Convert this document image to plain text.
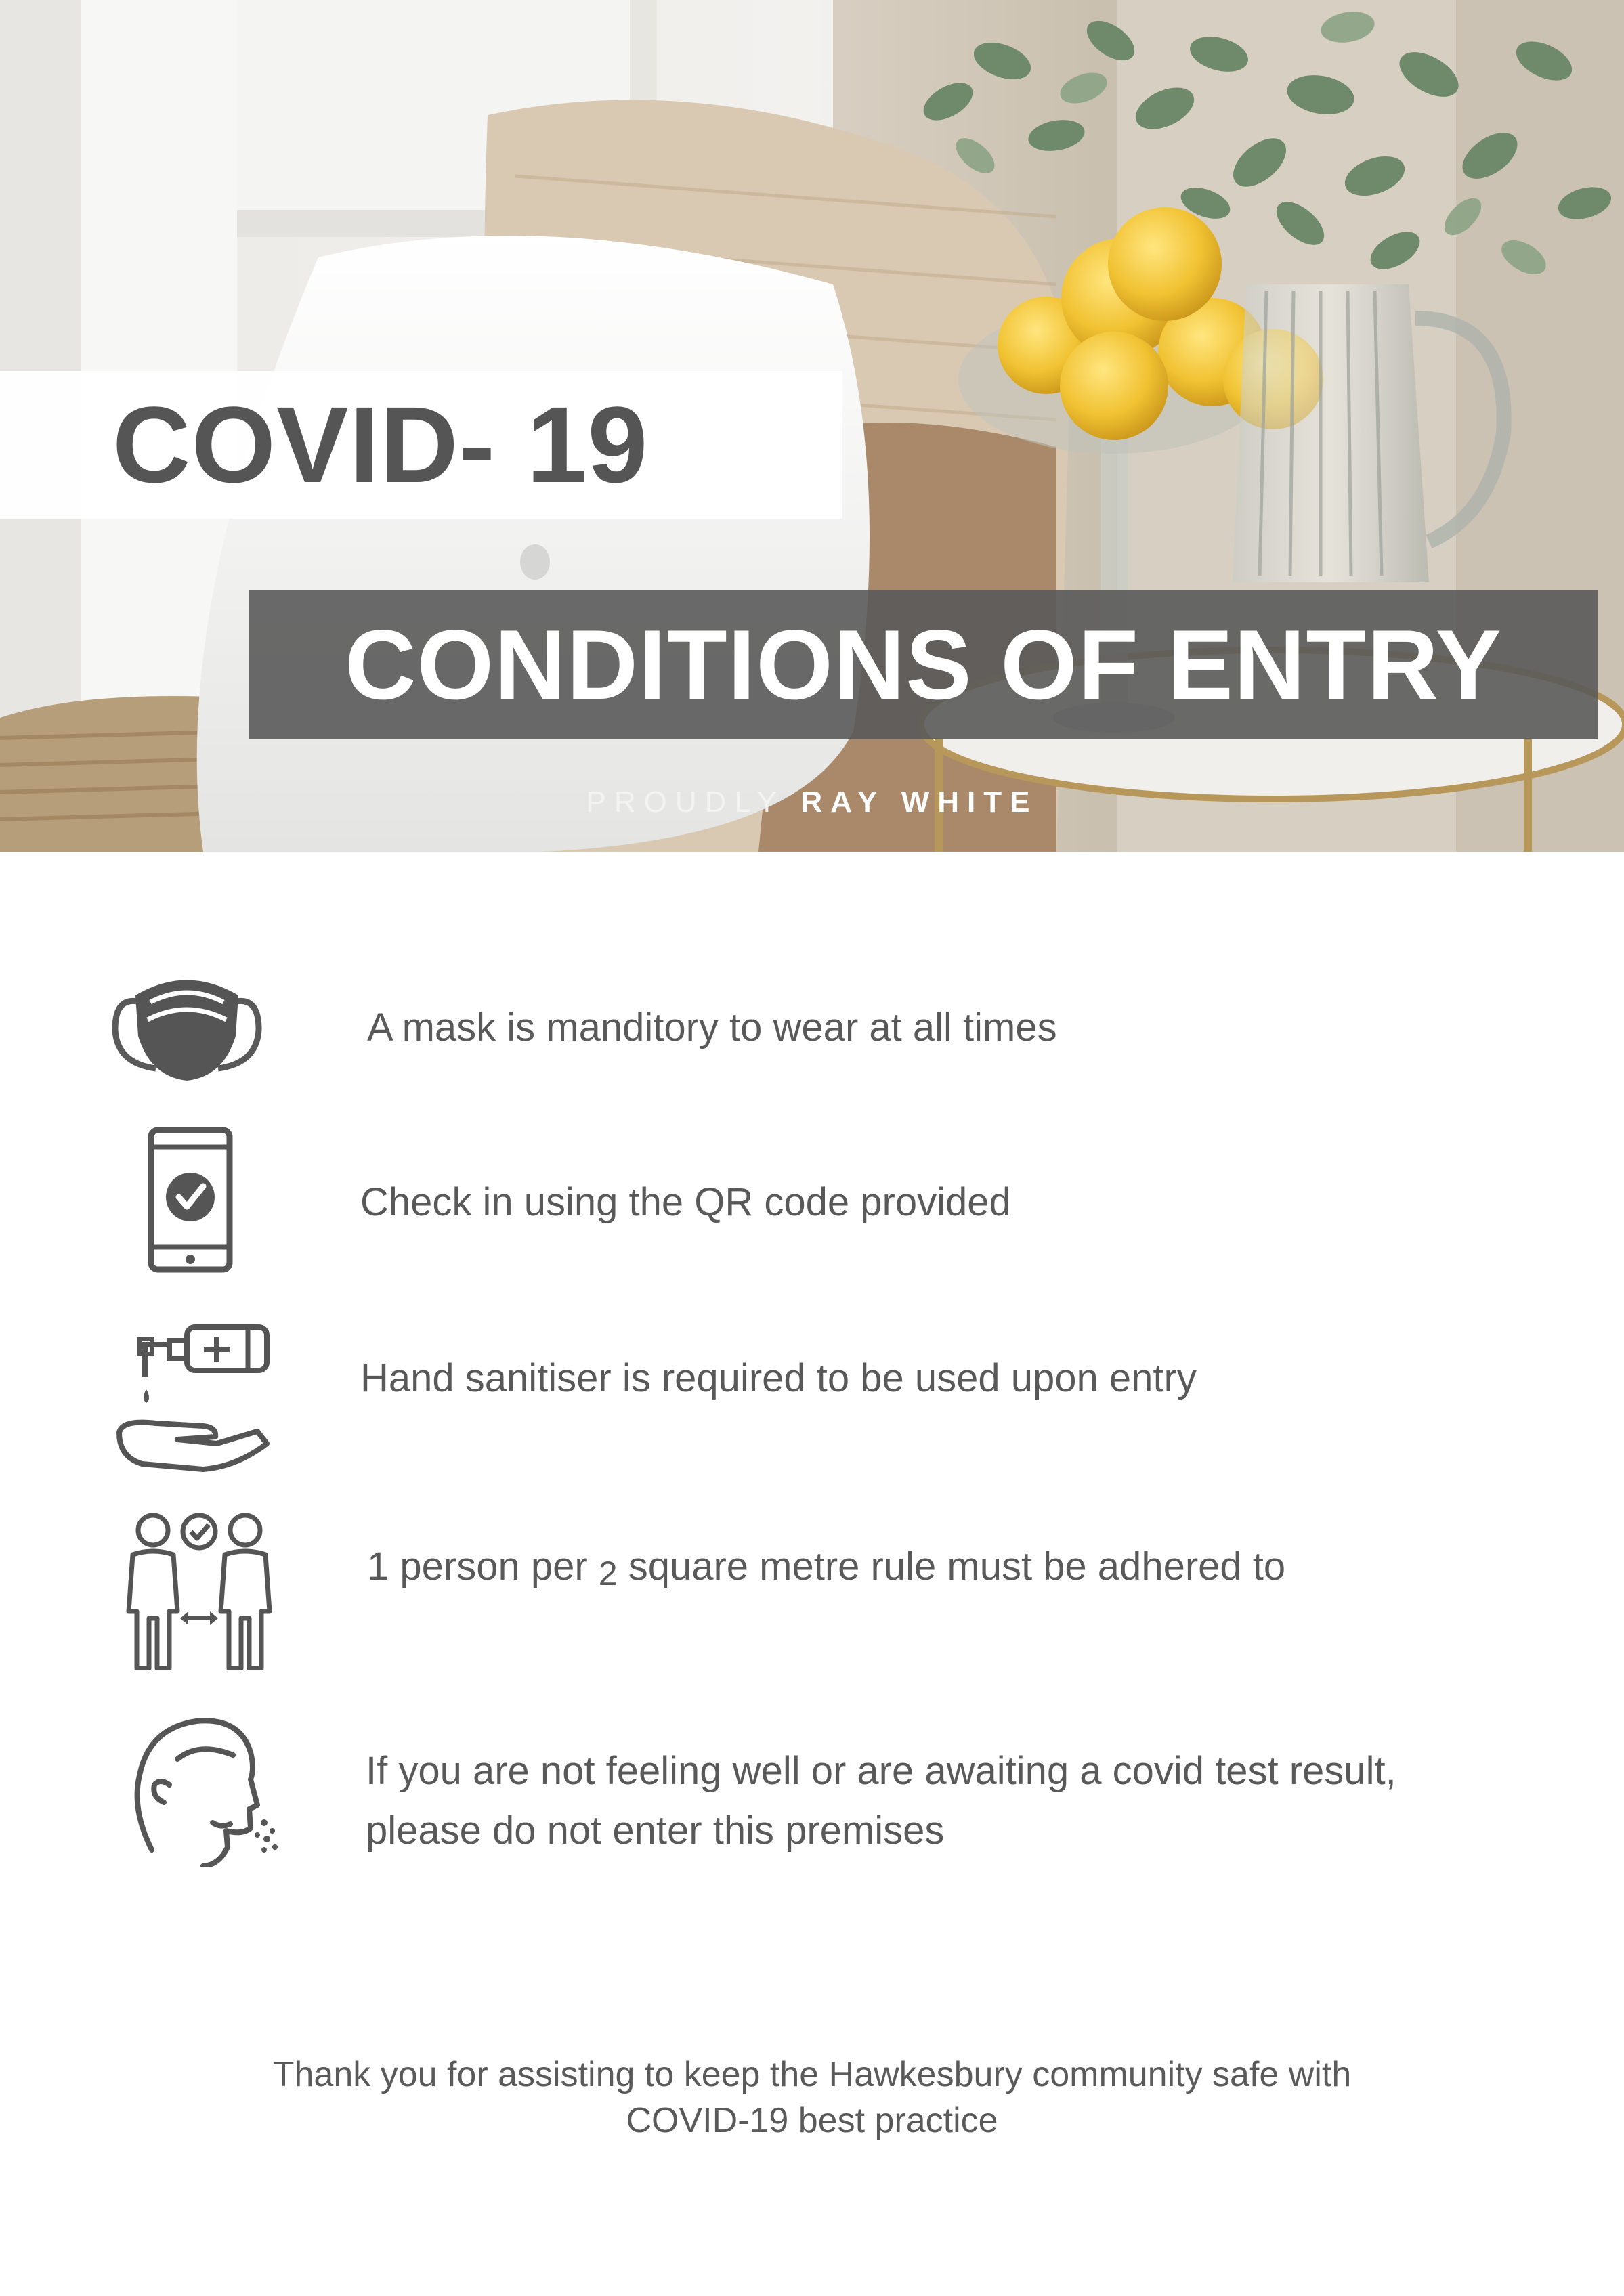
COVID- 19
CONDITIONS OF ENTRY
PROUDLY RAY WHITE
A mask is manditory to wear at all times
Check in using the QR code provided
Hand sanitiser is required to be used upon entry
1 person per 2 square metre rule must be adhered to
If you are not feeling well or are awaiting a covid test result,
please do not enter this premises
Thank you for assisting to keep the Hawkesbury community safe with
COVID-19 best practice
